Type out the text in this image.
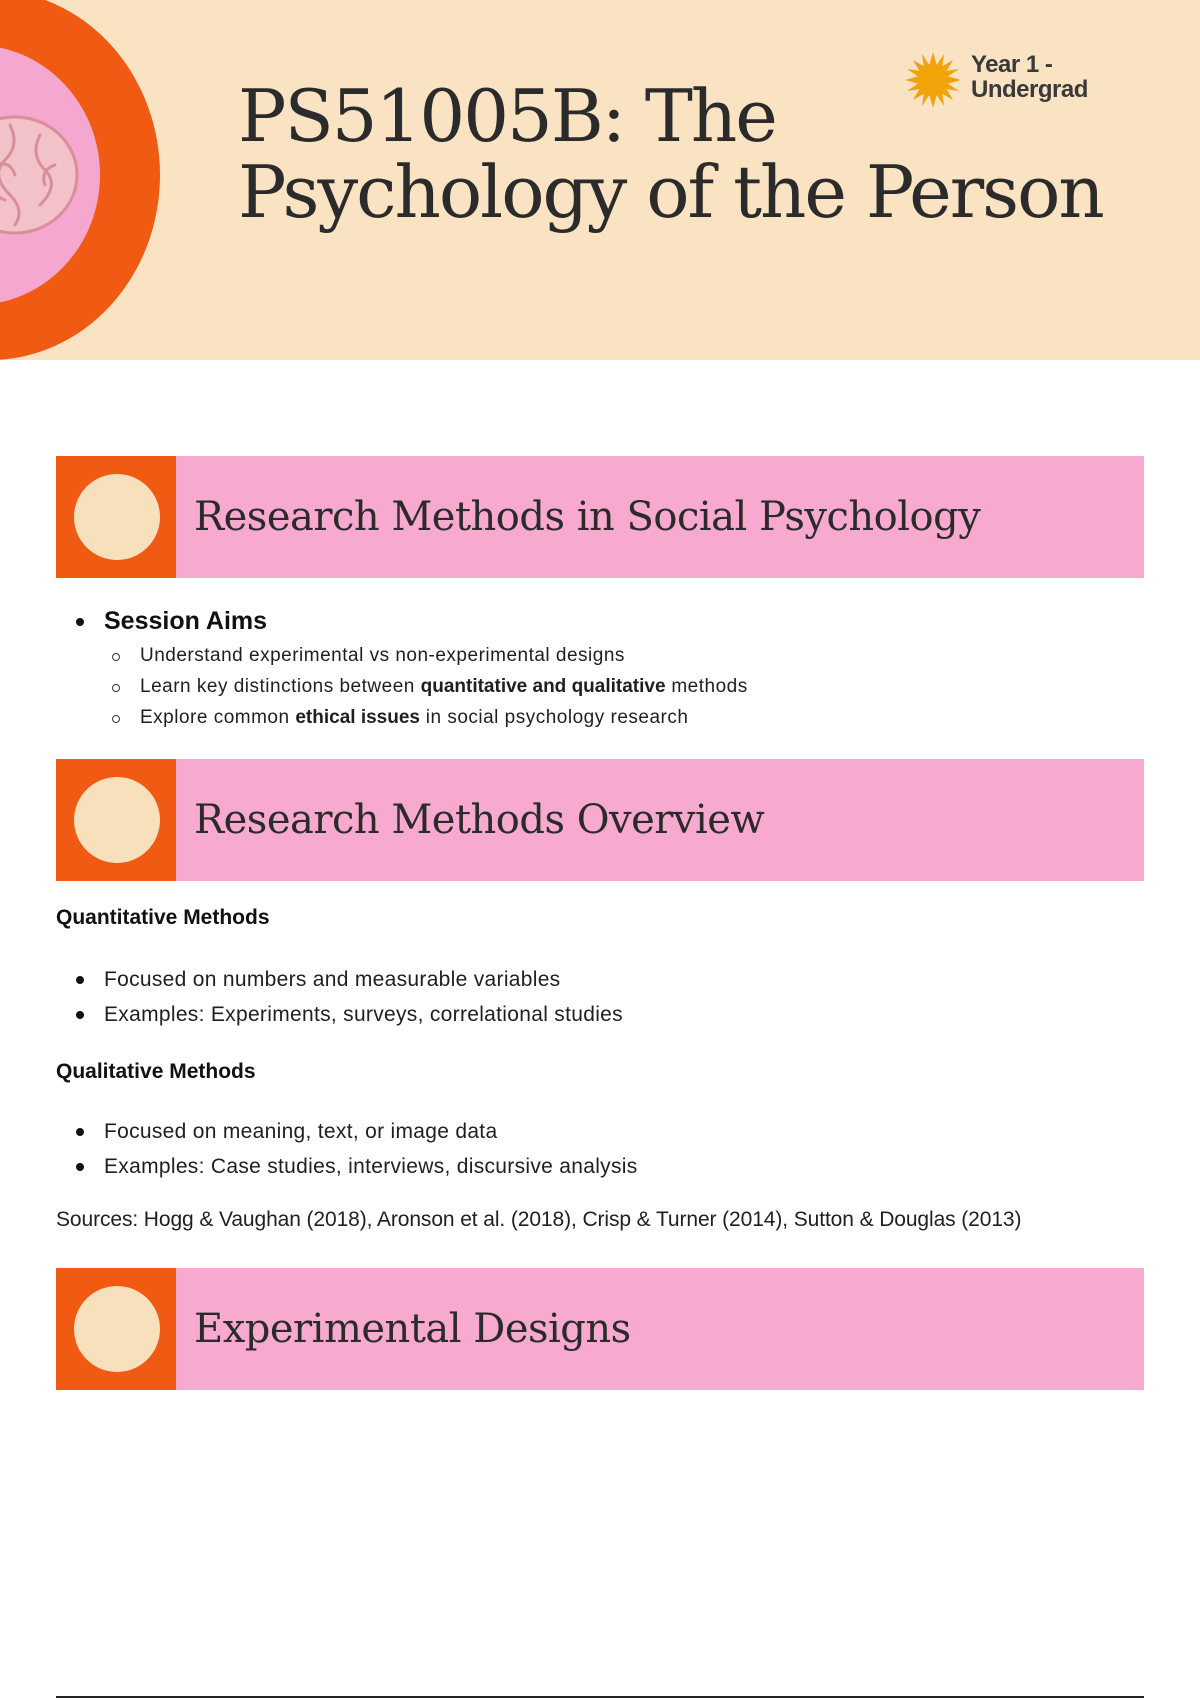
PS51005B: The
Psychology of the Person
Year 1 -
Undergrad
Research Methods in Social Psychology
Session Aims
Understand experimental vs non-experimental designs
Learn key distinctions between quantitative and qualitative methods
Explore common ethical issues in social psychology research
Research Methods Overview
Quantitative Methods
Focused on numbers and measurable variables
Examples: Experiments, surveys, correlational studies
Qualitative Methods
Focused on meaning, text, or image data
Examples: Case studies, interviews, discursive analysis
Sources: Hogg & Vaughan (2018), Aronson et al. (2018), Crisp & Turner (2014), Sutton & Douglas (2013)
Experimental Designs
